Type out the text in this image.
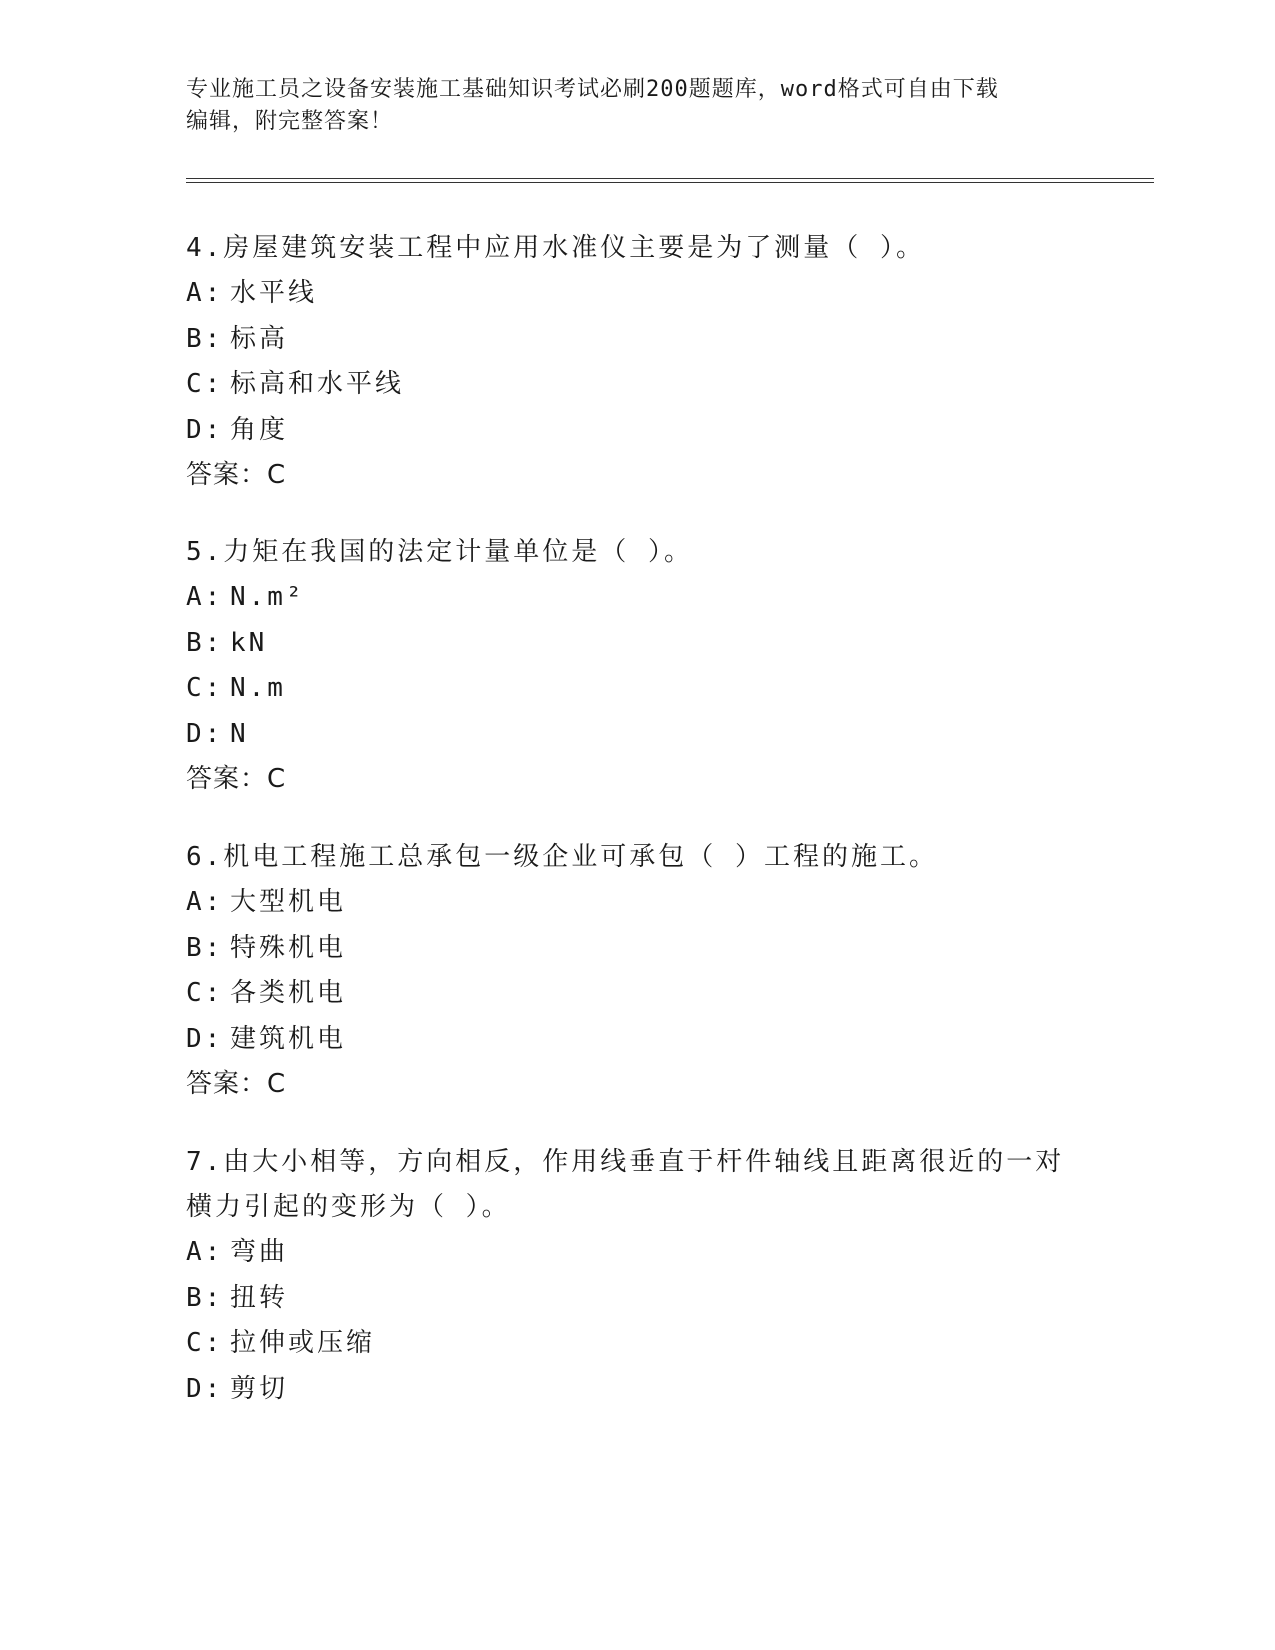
专业施工员之设备安装施工基础知识考试必刷200题题库，word格式可自由下载
编辑，附完整答案！
4.房屋建筑安装工程中应用水准仪主要是为了测量（ ）。
A: 水平线
B: 标高
C: 标高和水平线
D: 角度
答案：C
5.力矩在我国的法定计量单位是（ ）。
A: N.m²
B: kN
C: N.m
D: N
答案：C
6.机电工程施工总承包一级企业可承包（ ）工程的施工。
A: 大型机电
B: 特殊机电
C: 各类机电
D: 建筑机电
答案：C
7.由大小相等，方向相反，作用线垂直于杆件轴线且距离很近的一对
横力引起的变形为（ ）。
A: 弯曲
B: 扭转
C: 拉伸或压缩
D: 剪切
